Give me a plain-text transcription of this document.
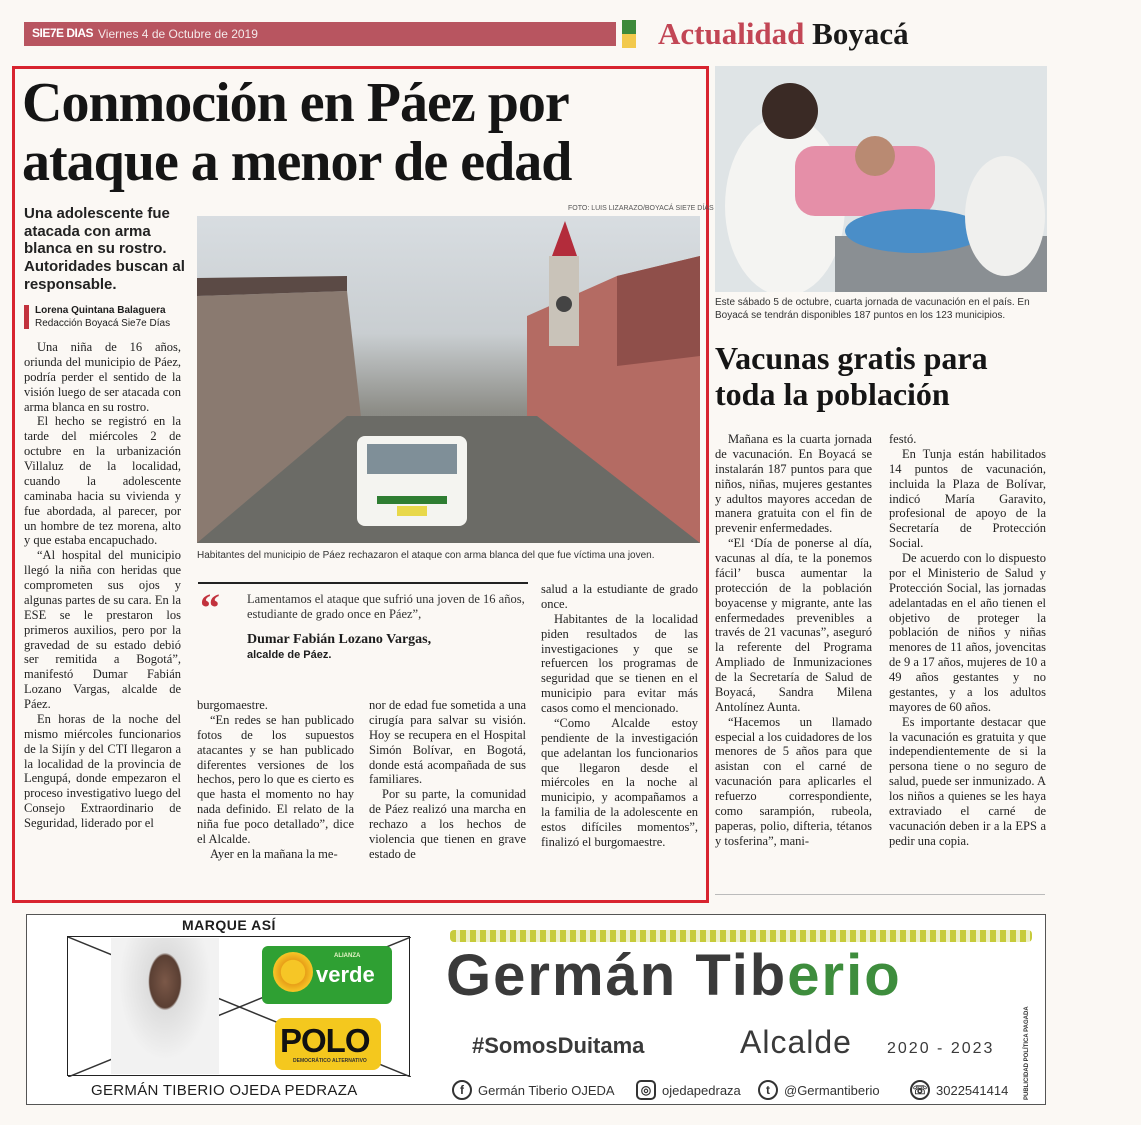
SIE7E DIAS Viernes 4 de Octubre de 2019	Actualidad Boyacá
Conmoción en Páez por ataque a menor de edad
Una adolescente fue atacada con arma blanca en su rostro. Autoridades buscan al responsable.
Lorena Quintana Balaguera
Redacción Boyacá Sie7e Días
FOTO: LUIS LIZARAZO/BOYACÁ SIE7E DÍAS
Habitantes del municipio de Páez rechazaron el ataque con arma blanca del que fue víctima una joven.

Una niña de 16 años, oriunda del municipio de Páez, podría perder el sentido de la visión luego de ser atacada con arma blanca en su rostro.

El hecho se registró en la tarde del miércoles 2 de octubre en la urbanización Villaluz de la localidad, cuando la adolescente caminaba hacia su vivienda y fue abordada, al parecer, por un hombre de tez morena, alto y que estaba encapuchado.

“Al hospital del municipio llegó la niña con heridas que comprometen sus ojos y algunas partes de su cara. En la ESE se le prestaron los primeros auxilios, pero por la gravedad de su estado debió ser remitida a Bogotá”, manifestó Dumar Fabián Lozano Vargas, alcalde de Páez.

En horas de la noche del mismo miércoles funcionarios de la Sijín y del CTI llegaron a la localidad de la provincia de Lengupá, donde empezaron el proceso investigativo luego del Consejo Extraordinario de Seguridad, liderado por el

“ Lamentamos el ataque que sufrió una joven de 16 años, estudiante de grado once en Páez”,
Dumar Fabián Lozano Vargas,
alcalde de Páez.

burgomaestre.

“En redes se han publicado fotos de los supuestos atacantes y se han publicado diferentes versiones de los hechos, pero lo que es cierto es que hasta el momento no hay nada definido. El relato de la niña fue poco detallado”, dice el Alcalde.

Ayer en la mañana la me-

nor de edad fue sometida a una cirugía para salvar su visión. Hoy se recupera en el Hospital Simón Bolívar, en Bogotá, donde está acompañada de sus familiares.

Por su parte, la comunidad de Páez realizó una marcha en rechazo a los hechos de violencia que tienen en grave estado de

salud a la estudiante de grado once.

Habitantes de la localidad piden resultados de las investigaciones y que se refuercen los programas de seguridad que se tienen en el municipio para evitar más casos como el mencionado.

“Como Alcalde estoy pendiente de la investigación que adelantan los funcionarios que llegaron desde el miércoles en la noche al municipio, y acompañamos a la familia de la adolescente en estos difíciles momentos”, finalizó el burgomaestre.

Este sábado 5 de octubre, cuarta jornada de vacunación en el país. En Boyacá se tendrán disponibles 187 puntos en los 123 municipios.
Vacunas gratis para toda la población

Mañana es la cuarta jornada de vacunación. En Boyacá se instalarán 187 puntos para que niños, niñas, mujeres gestantes y adultos mayores accedan de manera gratuita con el fin de prevenir enfermedades.

“El ‘Día de ponerse al día, vacunas al día, te la ponemos fácil’ busca aumentar la protección de la población boyacense y migrante, ante las enfermedades prevenibles a través de 21 vacunas”, aseguró la referente del Programa Ampliado de Inmunizaciones de la Secretaría de Salud de Boyacá, Sandra Milena Antolínez Aunta.

“Hacemos un llamado especial a los cuidadores de los menores de 5 años para que asistan con el carné de vacunación para aplicarles el refuerzo correspondiente, como sarampión, rubeola, paperas, polio, difteria, tétanos y tosferina”, mani-

festó.

En Tunja están habilitados 14 puntos de vacunación, incluida la Plaza de Bolívar, indicó María Garavito, profesional de apoyo de la Secretaría de Protección Social.

De acuerdo con lo dispuesto por el Ministerio de Salud y Protección Social, las jornadas adelantadas en el año tienen el objetivo de proteger la población de niños y niñas menores de 11 años, jovencitas de 9 a 17 años, mujeres de 10 a 49 años gestantes y no gestantes, y a los adultos mayores de 60 años.

Es importante destacar que la vacunación es gratuita y que independientemente de si la persona tiene o no seguro de salud, puede ser inmunizado. A los niños a quienes se les haya extraviado el carné de vacunación deben ir a la EPS a pedir una copia.

MARQUE ASÍ
ALIANZA
verde
POLO
DEMOCRÁTICO ALTERNATIVO
GERMÁN TIBERIO OJEDA PEDRAZA
Germán Tiberio
#SomosDuitama	Alcalde 2020 - 2023
f	Germán Tiberio OJEDA	◎ ojedapedraza	t	@Germantiberio	☏ 3022541414	PUBLICIDAD POLÍTICA PAGADA
